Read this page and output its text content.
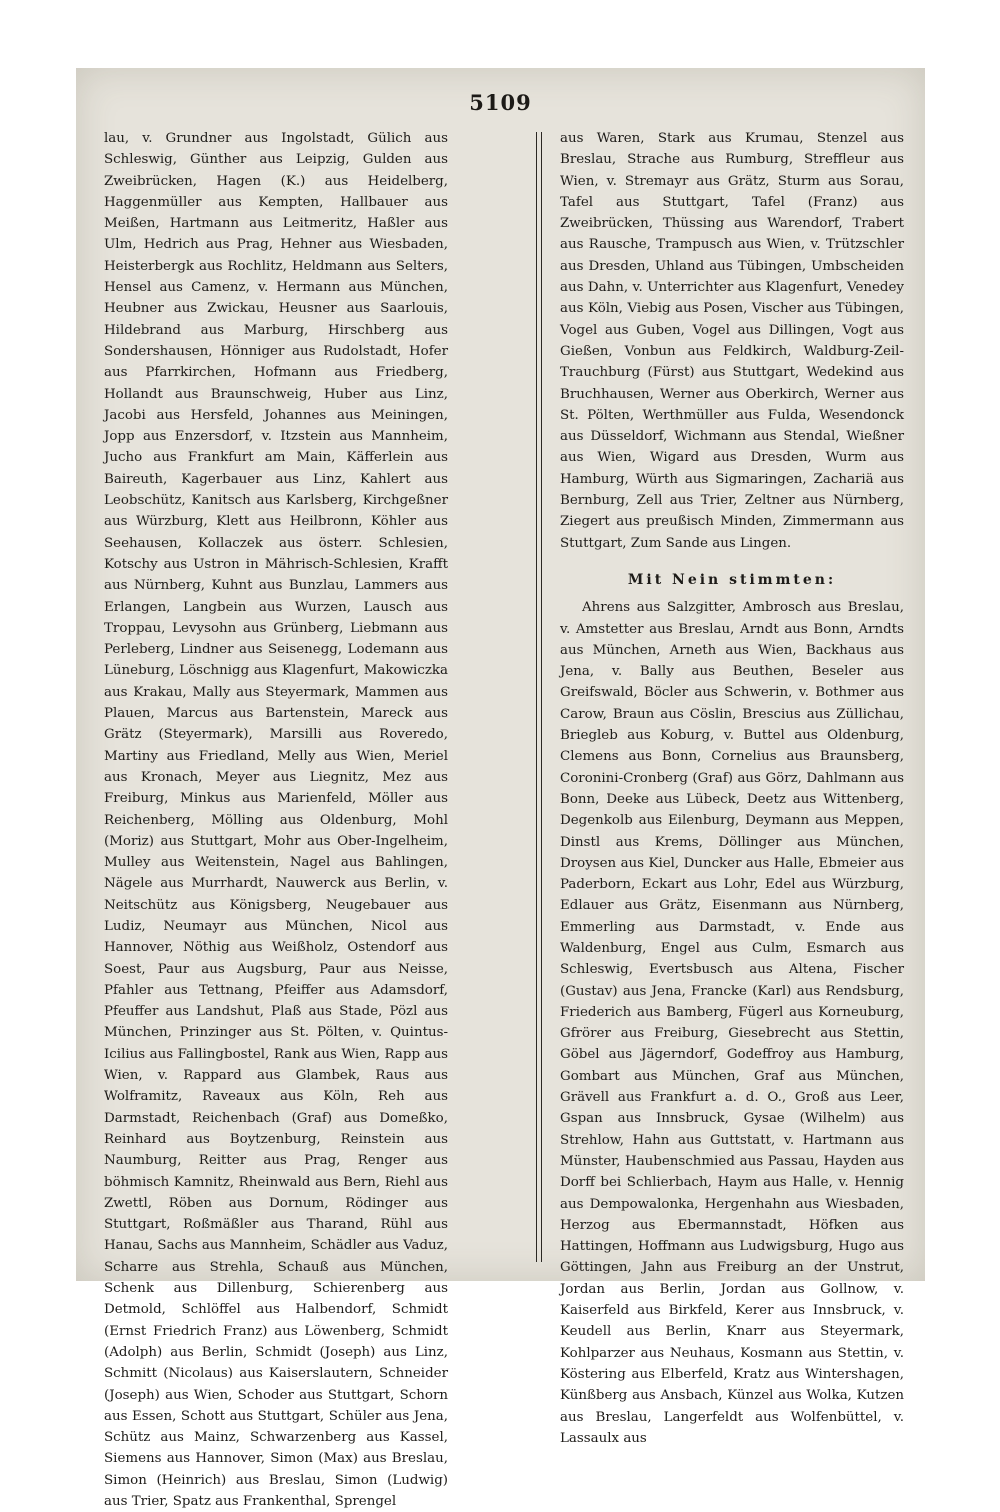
5109

lau, v. Grundner aus Ingolstadt, Gülich aus Schleswig, Günther aus Leipzig, Gulden aus Zweibrücken, Hagen (K.) aus Heidelberg, Haggenmüller aus Kempten, Hallbauer aus Meißen, Hartmann aus Leitmeritz, Haßler aus Ulm, Hedrich aus Prag, Hehner aus Wiesbaden, Heisterbergk aus Rochlitz, Heldmann aus Selters, Hensel aus Camenz, v. Hermann aus München, Heubner aus Zwickau, Heusner aus Saarlouis, Hildebrand aus Marburg, Hirschberg aus Sondershausen, Hönniger aus Rudolstadt, Hofer aus Pfarrkirchen, Hofmann aus Friedberg, Hollandt aus Braunschweig, Huber aus Linz, Jacobi aus Hersfeld, Johannes aus Meiningen, Jopp aus Enzersdorf, v. Itzstein aus Mannheim, Jucho aus Frankfurt am Main, Käfferlein aus Baireuth, Kagerbauer aus Linz, Kahlert aus Leobschütz, Kanitsch aus Karlsberg, Kirchgeßner aus Würzburg, Klett aus Heilbronn, Köhler aus Seehausen, Kollaczek aus österr. Schlesien, Kotschy aus Ustron in Mährisch-Schlesien, Krafft aus Nürnberg, Kuhnt aus Bunzlau, Lammers aus Erlangen, Langbein aus Wurzen, Lausch aus Troppau, Levysohn aus Grünberg, Liebmann aus Perleberg, Lindner aus Seisenegg, Lodemann aus Lüneburg, Löschnigg aus Klagenfurt, Makowiczka aus Krakau, Mally aus Steyermark, Mammen aus Plauen, Marcus aus Bartenstein, Mareck aus Grätz (Steyermark), Marsilli aus Roveredo, Martiny aus Friedland, Melly aus Wien, Meriel aus Kronach, Meyer aus Liegnitz, Mez aus Freiburg, Minkus aus Marienfeld, Möller aus Reichenberg, Mölling aus Oldenburg, Mohl (Moriz) aus Stuttgart, Mohr aus Ober-Ingelheim, Mulley aus Weitenstein, Nagel aus Bahlingen, Nägele aus Murrhardt, Nauwerck aus Berlin, v. Neitschütz aus Königsberg, Neugebauer aus Ludiz, Neumayr aus München, Nicol aus Hannover, Nöthig aus Weißholz, Ostendorf aus Soest, Paur aus Augsburg, Paur aus Neisse, Pfahler aus Tettnang, Pfeiffer aus Adamsdorf, Pfeuffer aus Landshut, Plaß aus Stade, Pözl aus München, Prinzinger aus St. Pölten, v. Quintus-Icilius aus Fallingbostel, Rank aus Wien, Rapp aus Wien, v. Rappard aus Glambek, Raus aus Wolframitz, Raveaux aus Köln, Reh aus Darmstadt, Reichenbach (Graf) aus Domeßko, Reinhard aus Boytzenburg, Reinstein aus Naumburg, Reitter aus Prag, Renger aus böhmisch Kamnitz, Rheinwald aus Bern, Riehl aus Zwettl, Röben aus Dornum, Rödinger aus Stuttgart, Roßmäßler aus Tharand, Rühl aus Hanau, Sachs aus Mannheim, Schädler aus Vaduz, Scharre aus Strehla, Schauß aus München, Schenk aus Dillenburg, Schierenberg aus Detmold, Schlöffel aus Halbendorf, Schmidt (Ernst Friedrich Franz) aus Löwenberg, Schmidt (Adolph) aus Berlin, Schmidt (Joseph) aus Linz, Schmitt (Nicolaus) aus Kaiserslautern, Schneider (Joseph) aus Wien, Schoder aus Stuttgart, Schorn aus Essen, Schott aus Stuttgart, Schüler aus Jena, Schütz aus Mainz, Schwarzenberg aus Kassel, Siemens aus Hannover, Simon (Max) aus Breslau, Simon (Heinrich) aus Breslau, Simon (Ludwig) aus Trier, Spatz aus Frankenthal, Sprengel

aus Waren, Stark aus Krumau, Stenzel aus Breslau, Strache aus Rumburg, Streffleur aus Wien, v. Stremayr aus Grätz, Sturm aus Sorau, Tafel aus Stuttgart, Tafel (Franz) aus Zweibrücken, Thüssing aus Warendorf, Trabert aus Rausche, Trampusch aus Wien, v. Trützschler aus Dresden, Uhland aus Tübingen, Umbscheiden aus Dahn, v. Unterrichter aus Klagenfurt, Venedey aus Köln, Viebig aus Posen, Vischer aus Tübingen, Vogel aus Guben, Vogel aus Dillingen, Vogt aus Gießen, Vonbun aus Feldkirch, Waldburg-Zeil-Trauchburg (Fürst) aus Stuttgart, Wedekind aus Bruchhausen, Werner aus Oberkirch, Werner aus St. Pölten, Werthmüller aus Fulda, Wesendonck aus Düsseldorf, Wichmann aus Stendal, Wießner aus Wien, Wigard aus Dresden, Wurm aus Hamburg, Würth aus Sigmaringen, Zachariä aus Bernburg, Zell aus Trier, Zeltner aus Nürnberg, Ziegert aus preußisch Minden, Zimmermann aus Stuttgart, Zum Sande aus Lingen.

Mit Nein stimmten:

Ahrens aus Salzgitter, Ambrosch aus Breslau, v. Amstetter aus Breslau, Arndt aus Bonn, Arndts aus München, Arneth aus Wien, Backhaus aus Jena, v. Bally aus Beuthen, Beseler aus Greifswald, Böcler aus Schwerin, v. Bothmer aus Carow, Braun aus Cöslin, Brescius aus Züllichau, Briegleb aus Koburg, v. Buttel aus Oldenburg, Clemens aus Bonn, Cornelius aus Braunsberg, Coronini-Cronberg (Graf) aus Görz, Dahlmann aus Bonn, Deeke aus Lübeck, Deetz aus Wittenberg, Degenkolb aus Eilenburg, Deymann aus Meppen, Dinstl aus Krems, Döllinger aus München, Droysen aus Kiel, Duncker aus Halle, Ebmeier aus Paderborn, Eckart aus Lohr, Edel aus Würzburg, Edlauer aus Grätz, Eisenmann aus Nürnberg, Emmerling aus Darmstadt, v. Ende aus Waldenburg, Engel aus Culm, Esmarch aus Schleswig, Evertsbusch aus Altena, Fischer (Gustav) aus Jena, Francke (Karl) aus Rendsburg, Friederich aus Bamberg, Fügerl aus Korneuburg, Gfrörer aus Freiburg, Giesebrecht aus Stettin, Göbel aus Jägerndorf, Godeffroy aus Hamburg, Gombart aus München, Graf aus München, Grävell aus Frankfurt a. d. O., Groß aus Leer, Gspan aus Innsbruck, Gysae (Wilhelm) aus Strehlow, Hahn aus Guttstatt, v. Hartmann aus Münster, Haubenschmied aus Passau, Hayden aus Dorff bei Schlierbach, Haym aus Halle, v. Hennig aus Dempowalonka, Hergenhahn aus Wiesbaden, Herzog aus Ebermannstadt, Höfken aus Hattingen, Hoffmann aus Ludwigsburg, Hugo aus Göttingen, Jahn aus Freiburg an der Unstrut, Jordan aus Berlin, Jordan aus Gollnow, v. Kaiserfeld aus Birkfeld, Kerer aus Innsbruck, v. Keudell aus Berlin, Knarr aus Steyermark, Kohlparzer aus Neuhaus, Kosmann aus Stettin, v. Köstering aus Elberfeld, Kratz aus Wintershagen, Künßberg aus Ansbach, Künzel aus Wolka, Kutzen aus Breslau, Langerfeldt aus Wolfenbüttel, v. Lassaulx aus
